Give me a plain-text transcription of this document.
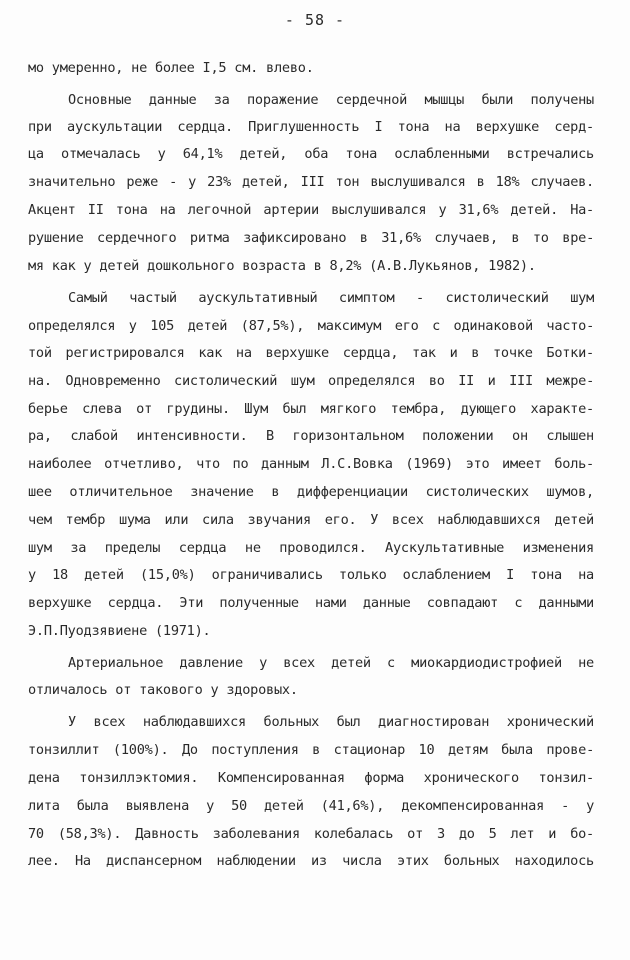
- 58 -
мо умеренно, не более I,5 см. влево.
Основные данные за поражение сердечной мышцы были получены
при аускультации сердца. Приглушенность I тона на верхушке серд-
ца отмечалась у 64,1% детей, оба тона ослабленными встречались
значительно реже - у 23% детей, III тон выслушивался в 18% случаев.
Акцент II тона на легочной артерии выслушивался у 31,6% детей. На-
рушение сердечного ритма зафиксировано в 31,6% случаев, в то вре-
мя как у детей дошкольного возраста в 8,2% (А.В.Лукьянов, 1982).
Самый частый аускультативный симптом - систолический шум
определялся у 105 детей (87,5%), максимум его с одинаковой часто-
той регистрировался как на верхушке сердца, так и в точке Ботки-
на. Одновременно систолический шум определялся во II и III межре-
берье слева от грудины. Шум был мягкого тембра, дующего характе-
ра, слабой интенсивности. В горизонтальном положении он слышен
наиболее отчетливо, что по данным Л.С.Вовка (1969) это имеет боль-
шее отличительное значение в дифференциации систолических шумов,
чем тембр шума или сила звучания его. У всех наблюдавшихся детей
шум за пределы сердца не проводился. Аускультативные изменения
у 18 детей (15,0%) ограничивались только ослаблением I тона на
верхушке сердца. Эти полученные нами данные совпадают с данными
Э.П.Пуодзявиене (1971).
Артериальное давление у всех детей с миокардиодистрофией не
отличалось от такового у здоровых.
У всех наблюдавшихся больных был диагностирован хронический
тонзиллит (100%). До поступления в стационар 10 детям была прове-
дена тонзиллэктомия. Компенсированная форма хронического тонзил-
лита была выявлена у 50 детей (41,6%), декомпенсированная - у
70 (58,3%). Давность заболевания колебалась от 3 до 5 лет и бо-
лее. На диспансерном наблюдении из числа этих больных находилось
